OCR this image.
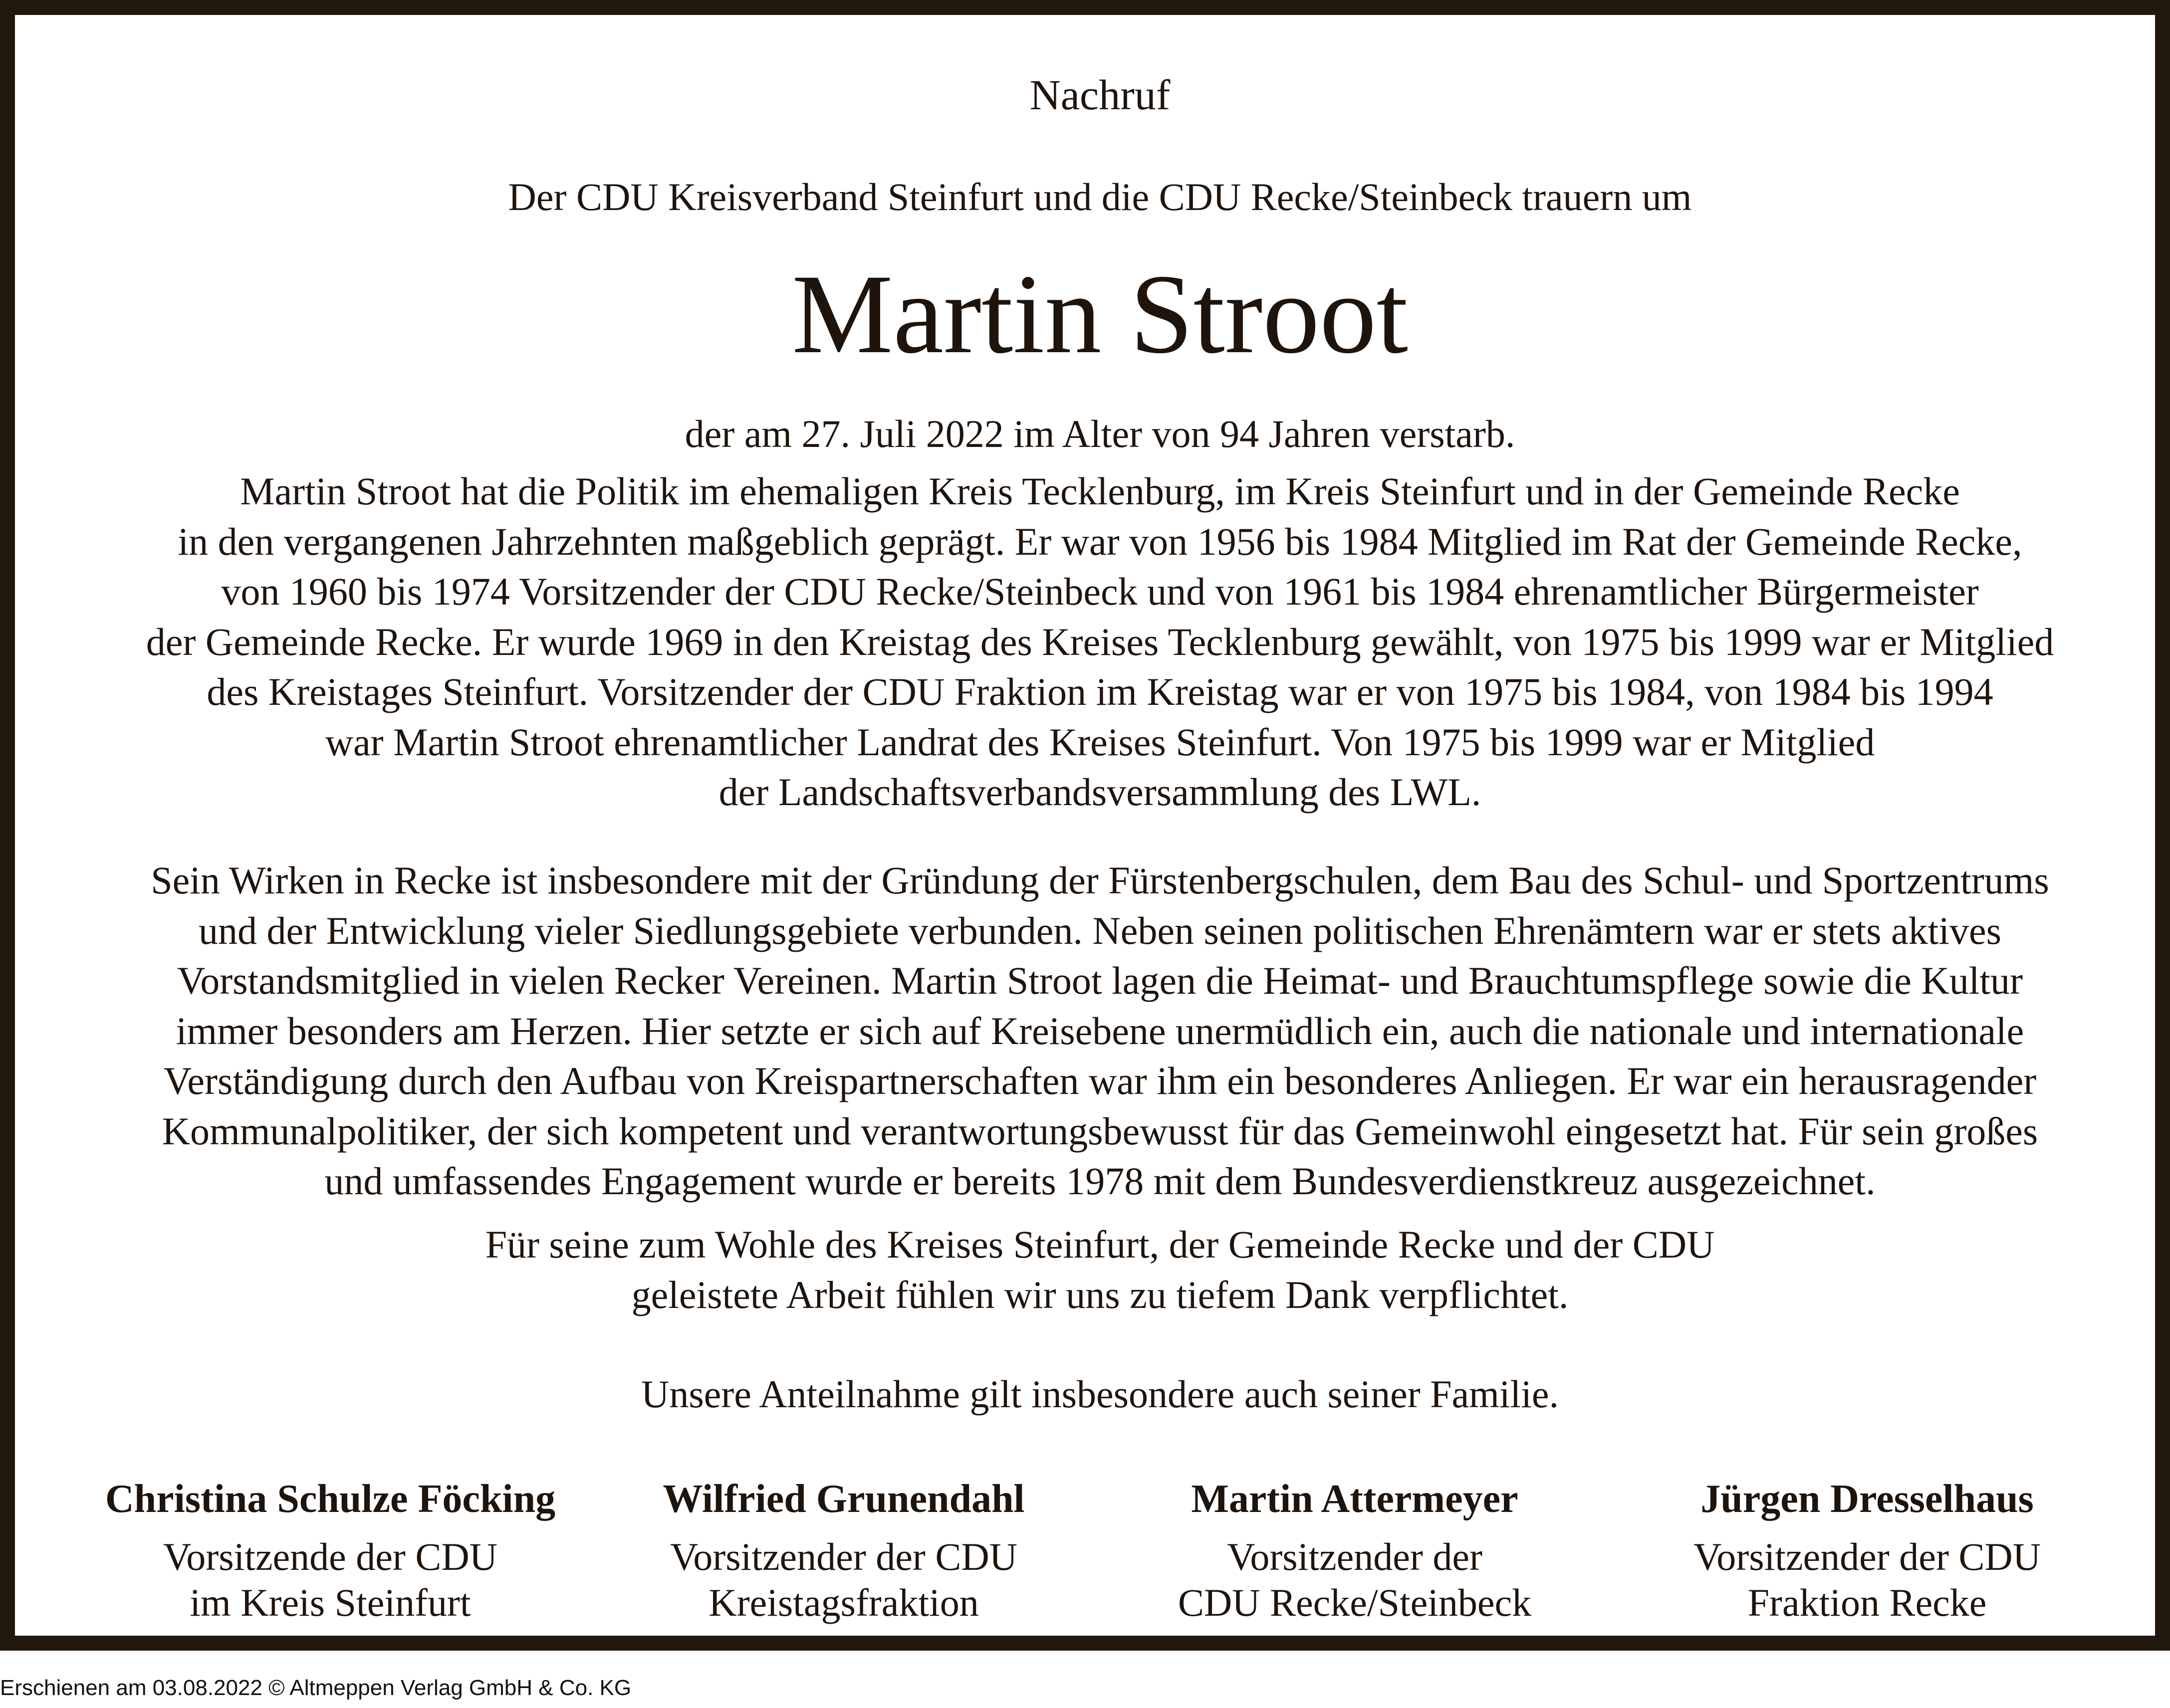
Nachruf
Der CDU Kreisverband Steinfurt und die CDU Recke/Steinbeck trauern um
Martin Stroot
der am 27. Juli 2022 im Alter von 94 Jahren verstarb.
Martin Stroot hat die Politik im ehemaligen Kreis Tecklenburg, im Kreis Steinfurt und in der Gemeinde Recke
in den vergangenen Jahrzehnten maßgeblich geprägt. Er war von 1956 bis 1984 Mitglied im Rat der Gemeinde Recke,
von 1960 bis 1974 Vorsitzender der CDU Recke/Steinbeck und von 1961 bis 1984 ehrenamtlicher Bürgermeister
der Gemeinde Recke. Er wurde 1969 in den Kreistag des Kreises Tecklenburg gewählt, von 1975 bis 1999 war er Mitglied
des Kreistages Steinfurt. Vorsitzender der CDU Fraktion im Kreistag war er von 1975 bis 1984, von 1984 bis 1994
war Martin Stroot ehrenamtlicher Landrat des Kreises Steinfurt. Von 1975 bis 1999 war er Mitglied
der Landschaftsverbandsversammlung des LWL.
Sein Wirken in Recke ist insbesondere mit der Gründung der Fürstenbergschulen, dem Bau des Schul- und Sportzentrums
und der Entwicklung vieler Siedlungsgebiete verbunden. Neben seinen politischen Ehrenämtern war er stets aktives
Vorstandsmitglied in vielen Recker Vereinen. Martin Stroot lagen die Heimat- und Brauchtumspflege sowie die Kultur
immer besonders am Herzen. Hier setzte er sich auf Kreisebene unermüdlich ein, auch die nationale und internationale
Verständigung durch den Aufbau von Kreispartnerschaften war ihm ein besonderes Anliegen. Er war ein herausragender
Kommunalpolitiker, der sich kompetent und verantwortungsbewusst für das Gemeinwohl eingesetzt hat. Für sein großes
und umfassendes Engagement wurde er bereits 1978 mit dem Bundesverdienstkreuz ausgezeichnet.
Für seine zum Wohle des Kreises Steinfurt, der Gemeinde Recke und der CDU
geleistete Arbeit fühlen wir uns zu tiefem Dank verpflichtet.
Unsere Anteilnahme gilt insbesondere auch seiner Familie.
Christina Schulze Föcking
Vorsitzende der CDU
im Kreis Steinfurt
Wilfried Grunendahl
Vorsitzender der CDU
Kreistagsfraktion
Martin Attermeyer
Vorsitzender der
CDU Recke/Steinbeck
Jürgen Dresselhaus
Vorsitzender der CDU
Fraktion Recke
Erschienen am 03.08.2022 © Altmeppen Verlag GmbH & Co. KG
